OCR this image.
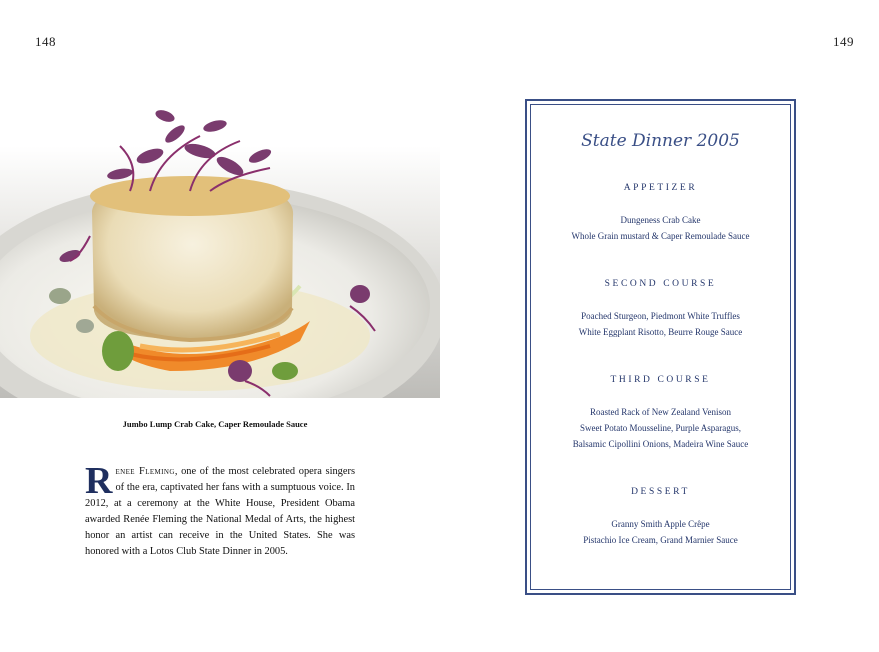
148	149
Jumbo Lump Crab Cake, Caper Remoulade Sauce
Renee Fleming, one of the most celebrated opera singers of the era, captivated her fans with a sumptuous voice. In 2012, at a ceremony at the White House, President Obama awarded Renée Fleming the National Medal of Arts, the highest honor an artist can receive in the United States. She was honored with a Lotos Club State Dinner in 2005.
State Dinner 2005
APPETIZER
Dungeness Crab Cake
Whole Grain mustard & Caper Remoulade Sauce
SECOND COURSE
Poached Sturgeon, Piedmont White Truffles
White Eggplant Risotto, Beurre Rouge Sauce
THIRD COURSE
Roasted Rack of New Zealand Venison
Sweet Potato Mousseline, Purple Asparagus,
Balsamic Cipollini Onions, Madeira Wine Sauce
DESSERT
Granny Smith Apple Crêpe
Pistachio Ice Cream, Grand Marnier Sauce
